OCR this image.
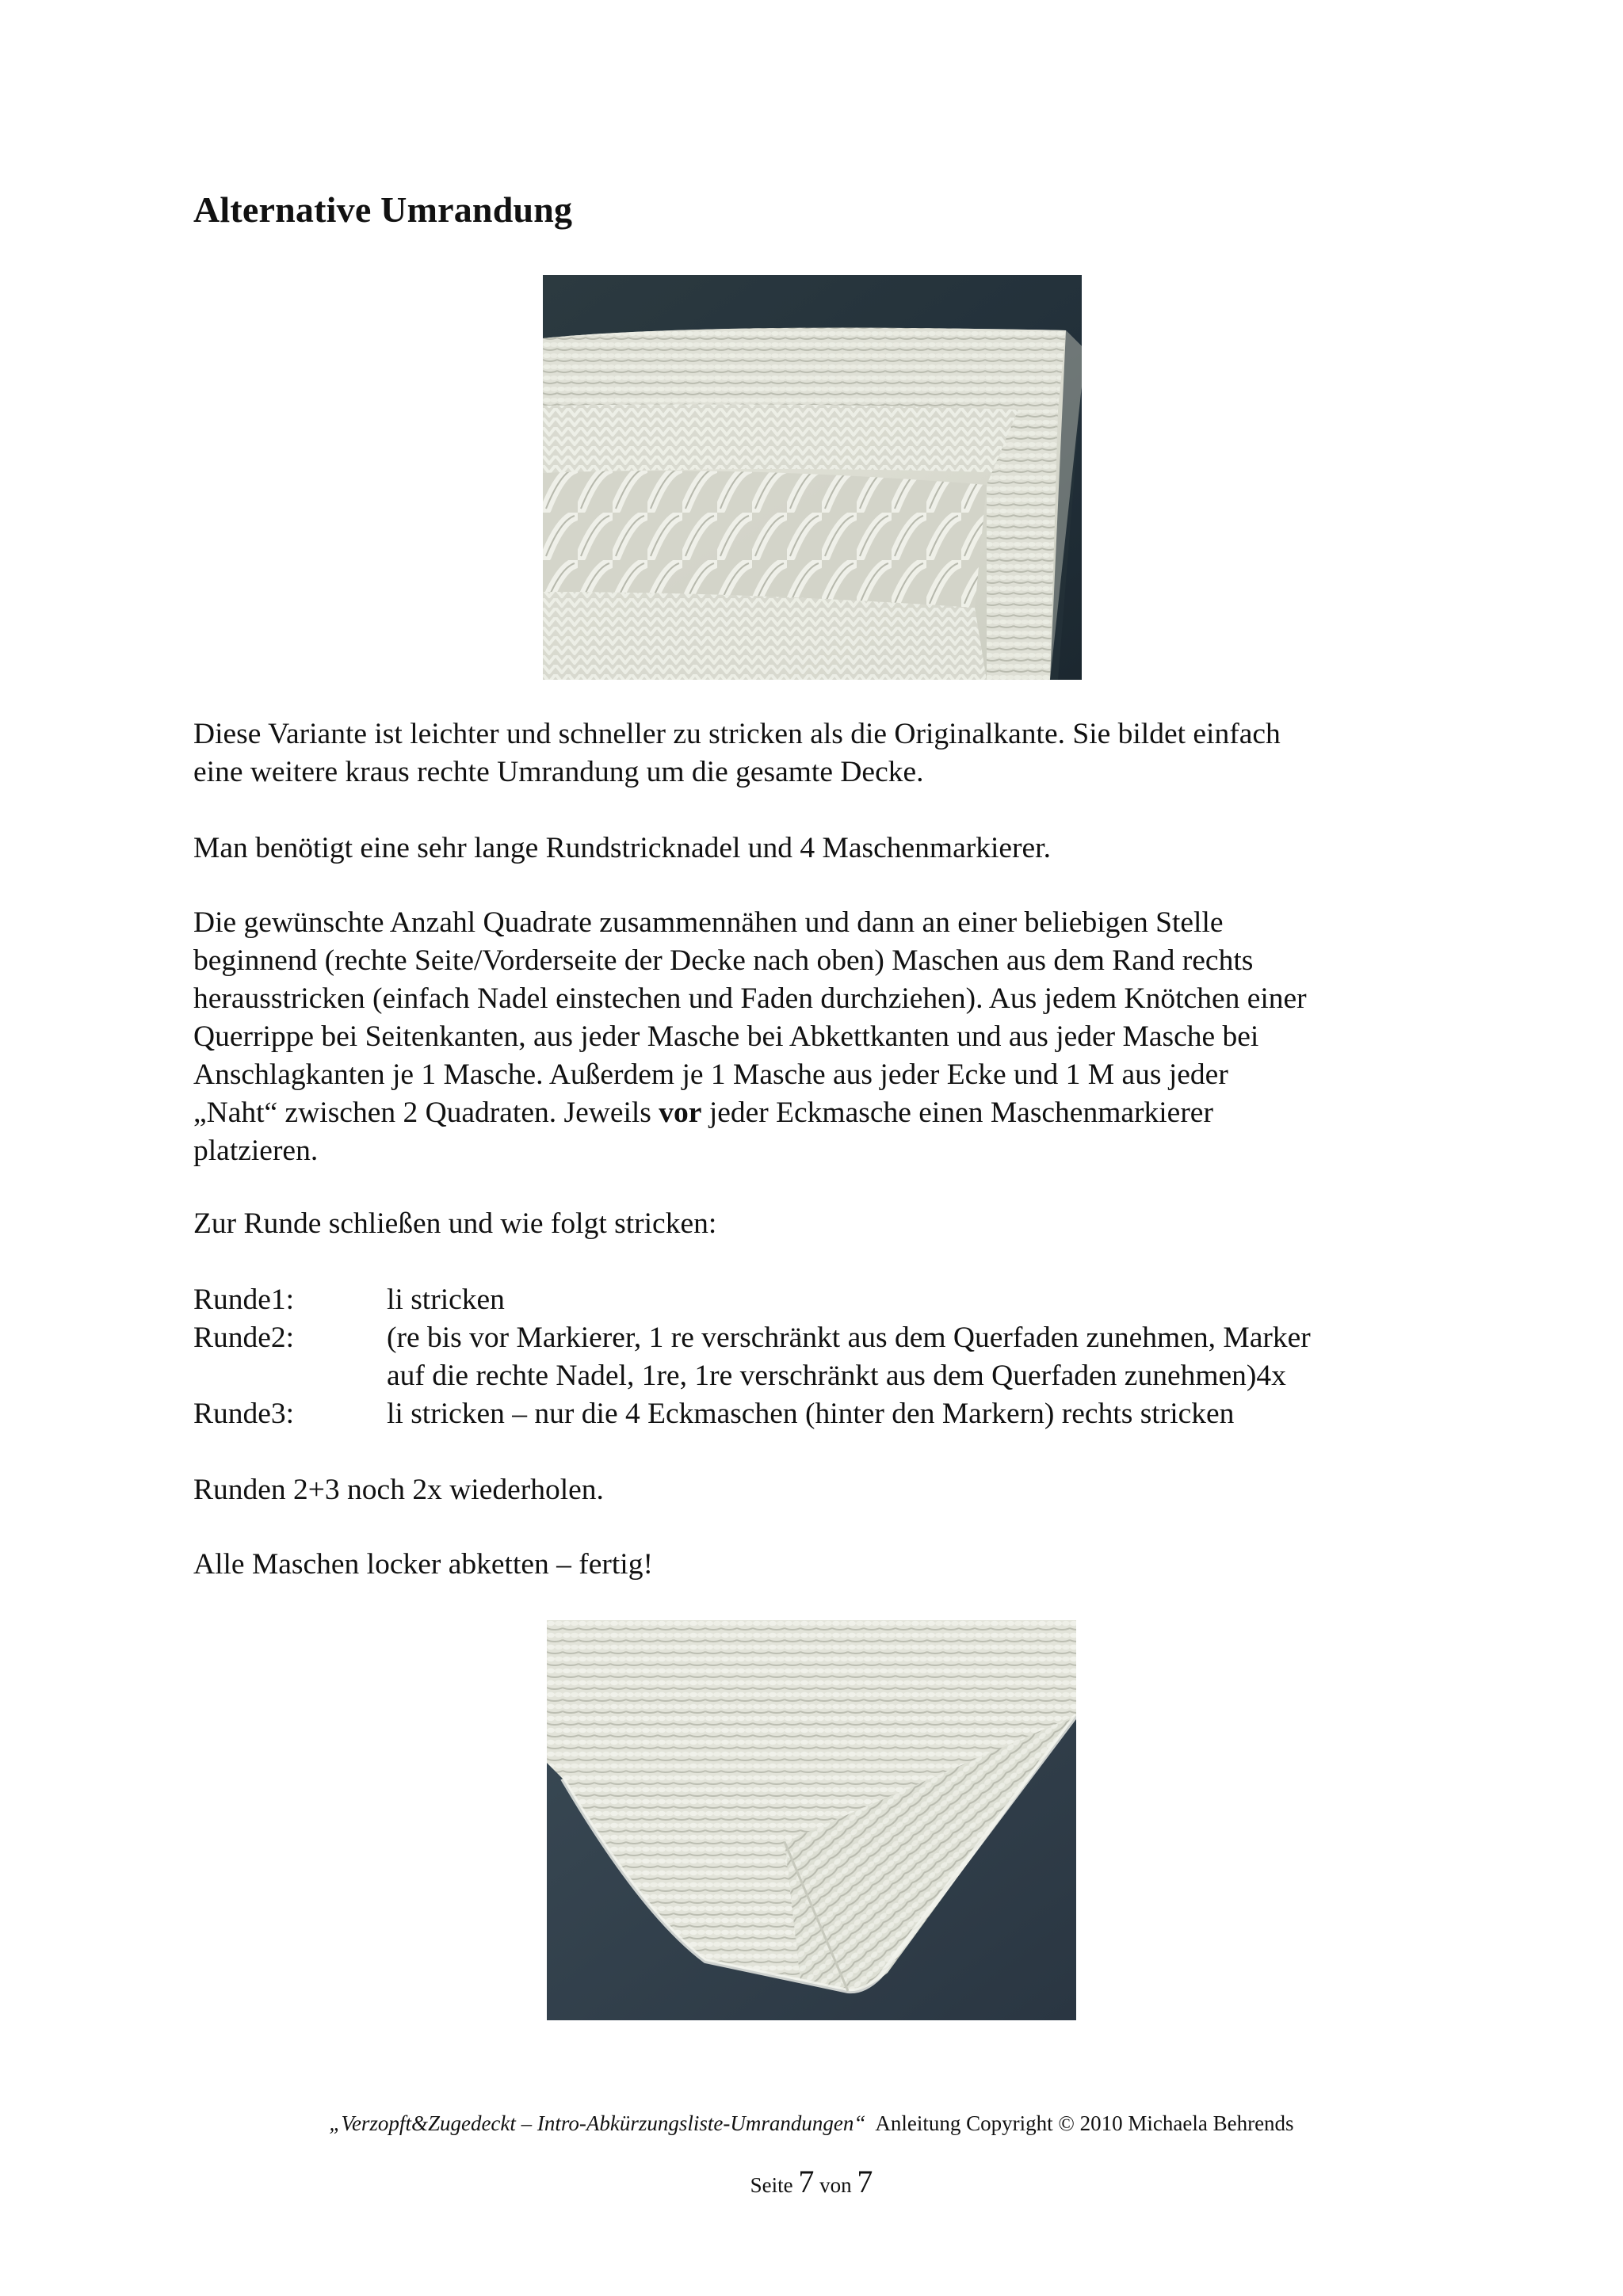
Alternative Umrandung

Diese Variante ist leichter und schneller zu stricken als die Originalkante. Sie bildet einfach
eine weitere kraus rechte Umrandung um die gesamte Decke.

Man benötigt eine sehr lange Rundstricknadel und 4 Maschenmarkierer.

Die gewünschte Anzahl Quadrate zusammennähen und dann an einer beliebigen Stelle
beginnend (rechte Seite/Vorderseite der Decke nach oben) Maschen aus dem Rand rechts
herausstricken (einfach Nadel einstechen und Faden durchziehen). Aus jedem Knötchen einer
Querrippe bei Seitenkanten, aus jeder Masche bei Abkettkanten und aus jeder Masche bei
Anschlagkanten je 1 Masche. Außerdem je 1 Masche aus jeder Ecke und 1 M aus jeder
„Naht“ zwischen 2 Quadraten. Jeweils vor jeder Eckmasche einen Maschenmarkierer
platzieren.

Zur Runde schließen und wie folgt stricken:

Runde1:	li stricken
Runde2:	(re bis vor Markierer, 1 re verschränkt aus dem Querfaden zunehmen, Marker
auf die rechte Nadel, 1re, 1re verschränkt aus dem Querfaden zunehmen)4x
Runde3:	li stricken – nur die 4 Eckmaschen (hinter den Markern) rechts stricken

Runden 2+3 noch 2x wiederholen.

Alle Maschen locker abketten – fertig!

„Verzopft&Zugedeckt – Intro-Abkürzungsliste-Umrandungen“ Anleitung Copyright © 2010 Michaela Behrends
Seite 7 von 7
